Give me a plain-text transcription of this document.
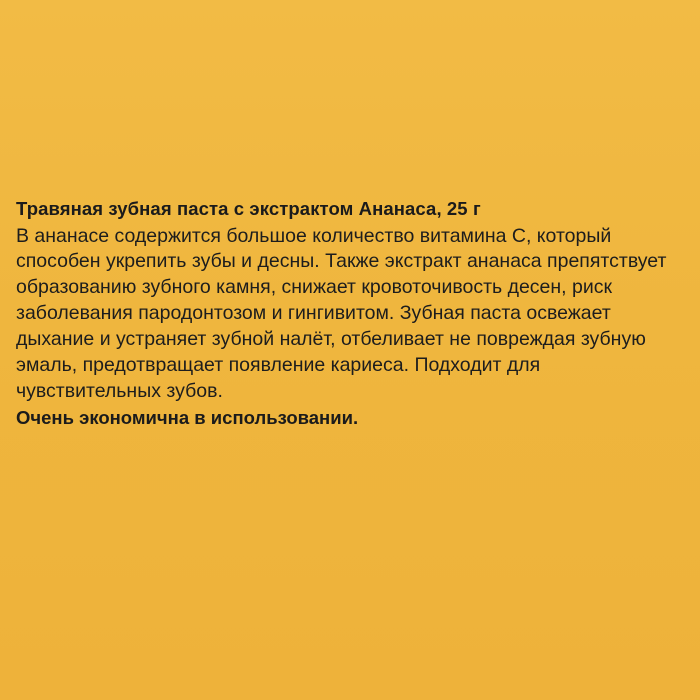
Травяная зубная паста с экстрактом Ананаса, 25 г

В ананасе содержится большое количество витамина C, который способен укрепить зубы и десны. Также экстракт ананаса препятствует образованию зубного камня, снижает кровоточивость десен, риск заболевания пародонтозом и гингивитом. Зубная паста освежает дыхание и устраняет зубной налёт, отбеливает не повреждая зубную эмаль, предотвращает появление кариеса. Подходит для чувствительных зубов.

Очень экономична в использовании.
